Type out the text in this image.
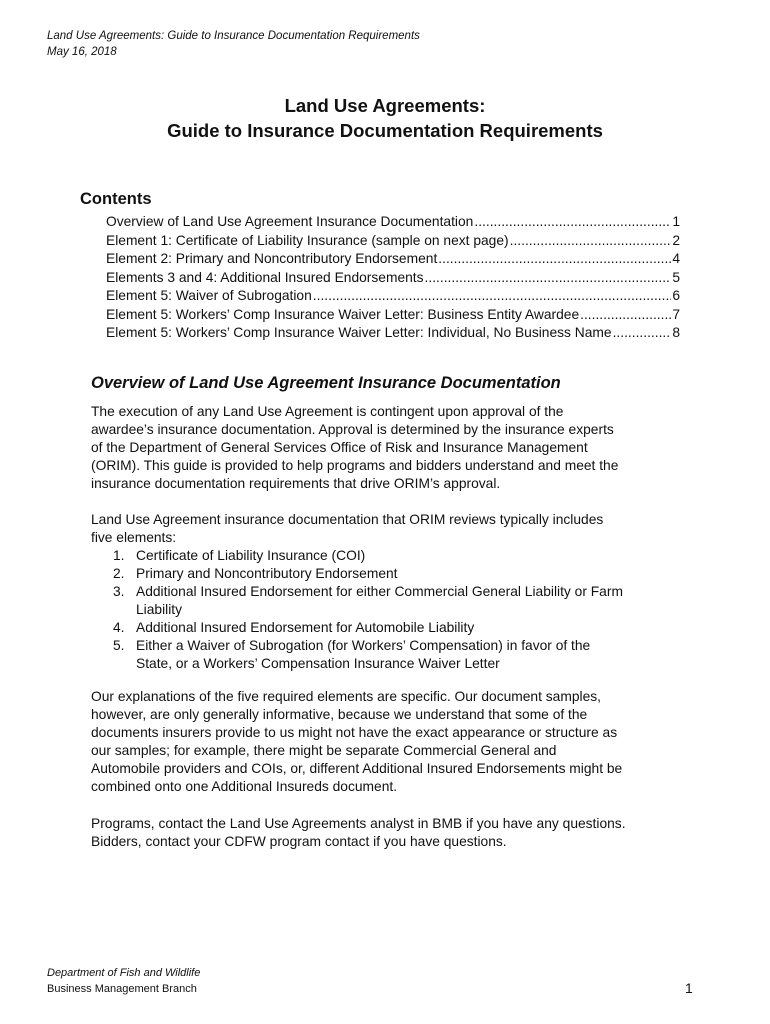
Land Use Agreements: Guide to Insurance Documentation Requirements
May 16, 2018
Land Use Agreements:
Guide to Insurance Documentation Requirements
Contents
Overview of Land Use Agreement Insurance Documentation .....	1
Element 1: Certificate of Liability Insurance (sample on next page) .....	2
Element 2: Primary and Noncontributory Endorsement .....	4
Elements 3 and 4: Additional Insured Endorsements .....	5
Element 5: Waiver of Subrogation .....	6
Element 5: Workers’ Comp Insurance Waiver Letter: Business Entity Awardee .....	7
Element 5: Workers’ Comp Insurance Waiver Letter: Individual, No Business Name .....	8
Overview of Land Use Agreement Insurance Documentation
The execution of any Land Use Agreement is contingent upon approval of the
awardee’s insurance documentation. Approval is determined by the insurance experts
of the Department of General Services Office of Risk and Insurance Management
(ORIM). This guide is provided to help programs and bidders understand and meet the
insurance documentation requirements that drive ORIM’s approval.
Land Use Agreement insurance documentation that ORIM reviews typically includes
five elements:
1. Certificate of Liability Insurance (COI)
2. Primary and Noncontributory Endorsement
3. Additional Insured Endorsement for either Commercial General Liability or Farm
Liability
4. Additional Insured Endorsement for Automobile Liability
5. Either a Waiver of Subrogation (for Workers’ Compensation) in favor of the
State, or a Workers’ Compensation Insurance Waiver Letter
Our explanations of the five required elements are specific. Our document samples,
however, are only generally informative, because we understand that some of the
documents insurers provide to us might not have the exact appearance or structure as
our samples; for example, there might be separate Commercial General and
Automobile providers and COIs, or, different Additional Insured Endorsements might be
combined onto one Additional Insureds document.
Programs, contact the Land Use Agreements analyst in BMB if you have any questions.
Bidders, contact your CDFW program contact if you have questions.
Department of Fish and Wildlife
Business Management Branch	1
